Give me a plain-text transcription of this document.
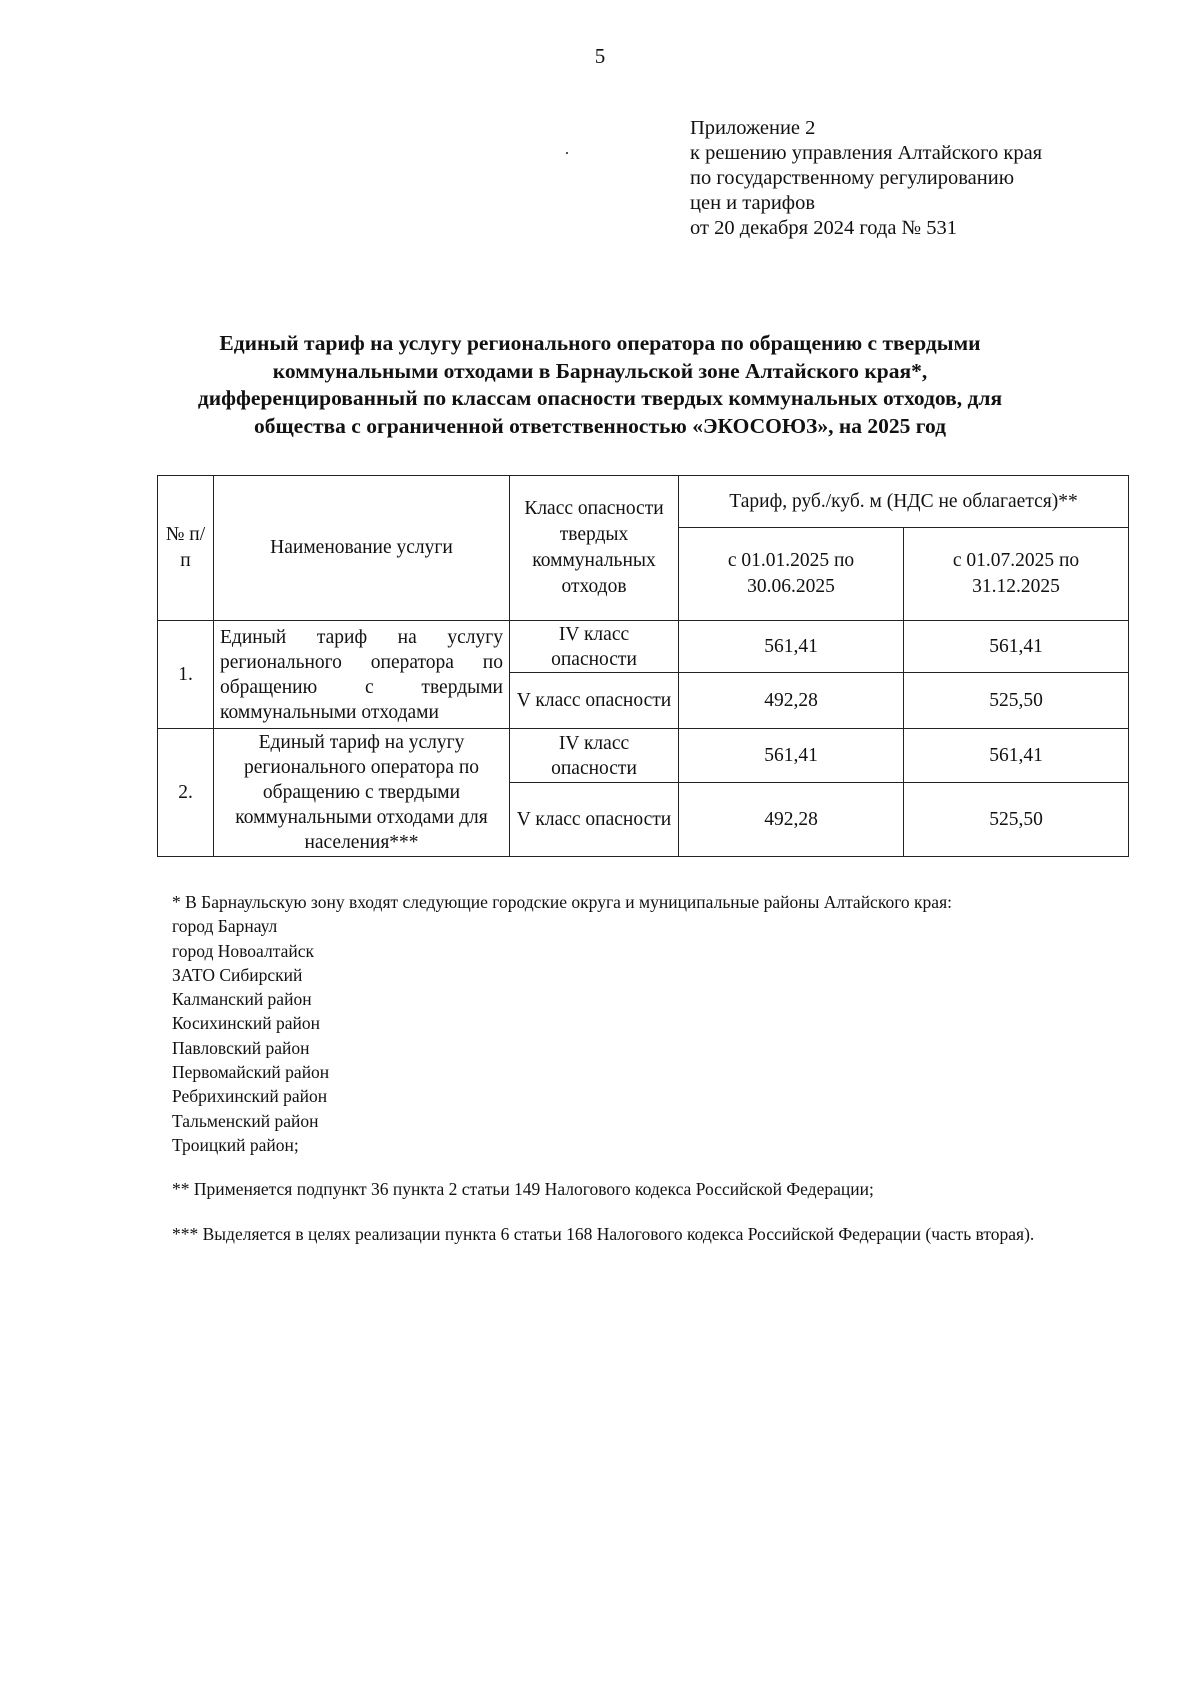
5
Приложение 2
к решению управления Алтайского края
по государственному регулированию
цен и тарифов
от 20 декабря 2024 года № 531
Единый тариф на услугу регионального оператора по обращению с твердыми
коммунальными отходами в Барнаульской зоне Алтайского края*,
дифференцированный по классам опасности твердых коммунальных отходов, для
общества с ограниченной ответственностью «ЭКОСОЮЗ», на 2025 год
№ п/п	Наименование услуги	Класс опасности твердых коммунальных отходов	Тариф, руб./куб. м (НДС не облагается)**	
			с 01.01.2025 по 30.06.2025	с 01.07.2025 по 31.12.2025
1.	Единый тариф на услугу регионального оператора по обращению с твердыми коммунальными отходами	IV класс опасности	561,41	561,41
		V класс опасности	492,28	525,50
2.	Единый тариф на услугу регионального оператора по обращению с твердыми коммунальными отходами для населения***	IV класс опасности	561,41	561,41
		V класс опасности	492,28	525,50
* В Барнаульскую зону входят следующие городские округа и муниципальные районы Алтайского края:
город Барнаул
город Новоалтайск
ЗАТО Сибирский
Калманский район
Косихинский район
Павловский район
Первомайский район
Ребрихинский район
Тальменский район
Троицкий район;
** Применяется подпункт 36 пункта 2 статьи 149 Налогового кодекса Российской Федерации;
*** Выделяется в целях реализации пункта 6 статьи 168 Налогового кодекса Российской Федерации (часть вторая).
